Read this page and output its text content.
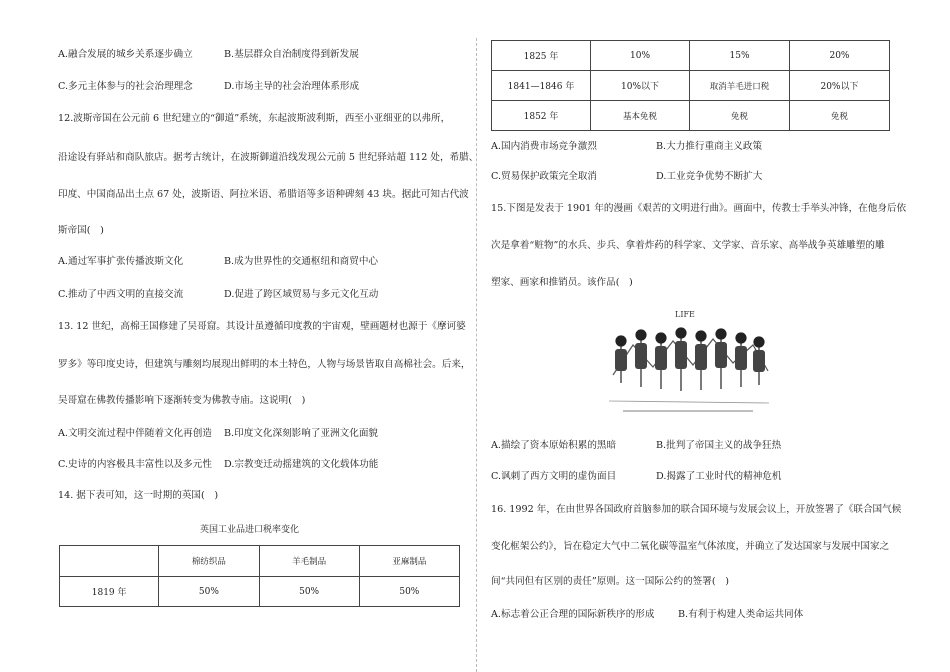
A.融合发展的城乡关系逐步确立	B.基层群众自治制度得到新发展
C.多元主体参与的社会治理理念	D.市场主导的社会治理体系形成
12.波斯帝国在公元前 6 世纪建立的“御道”系统，东起波斯波利斯，西至小亚细亚的以弗所，
沿途设有驿站和商队旅店。据考古统计，在波斯御道沿线发现公元前 5 世纪驿站超 112 处，希腊、
印度、中国商品出土点 67 处，波斯语、阿拉米语、希腊语等多语种碑刻 43 块。据此可知古代波
斯帝国(　)
A.通过军事扩张传播波斯文化	B.成为世界性的交通枢纽和商贸中心
C.推动了中西文明的直接交流	D.促进了跨区域贸易与多元文化互动
13. 12 世纪，高棉王国修建了吴哥窟。其设计虽遵循印度教的宇宙观，壁画题材也源于《摩诃婆
罗多》等印度史诗，但建筑与雕刻均展现出鲜明的本土特色，人物与场景皆取自高棉社会。后来，
吴哥窟在佛教传播影响下逐渐转变为佛教寺庙。这说明(　)
A.文明交流过程中伴随着文化再创造 B.印度文化深刻影响了亚洲文化面貌
C.史诗的内容极具丰富性以及多元性 D.宗教变迁动摇建筑的文化载体功能
14. 据下表可知，这一时期的英国(　)
英国工业品进口税率变化
	棉纺织品	羊毛制品	亚麻制品
1819 年	50%	50%	50%
1825 年	10%	15%	20%
1841—1846 年	10%以下	取消羊毛进口税	20%以下
1852 年	基本免税	免税	免税
A.国内消费市场竞争激烈	B.大力推行重商主义政策
C.贸易保护政策完全取消	D.工业竞争优势不断扩大
15.下图是发表于 1901 年的漫画《艰苦的文明进行曲》。画面中，传教士手举头冲锋，在他身后依
次是拿着“赃物”的水兵、步兵、拿着炸药的科学家、文学家、音乐家、高举战争英雄雕塑的雕
塑家、画家和推销员。该作品(　)
LIFE
A.描绘了资本原始积累的黑暗	B.批判了帝国主义的战争狂热
C.讽刺了西方文明的虚伪面目	D.揭露了工业时代的精神危机
16. 1992 年，在由世界各国政府首脑参加的联合国环境与发展会议上，开放签署了《联合国气候
变化框架公约》，旨在稳定大气中二氧化碳等温室气体浓度，并确立了发达国家与发展中国家之
间“共同但有区别的责任”原则。这一国际公约的签署(　)
A.标志着公正合理的国际新秩序的形成 B.有利于构建人类命运共同体
